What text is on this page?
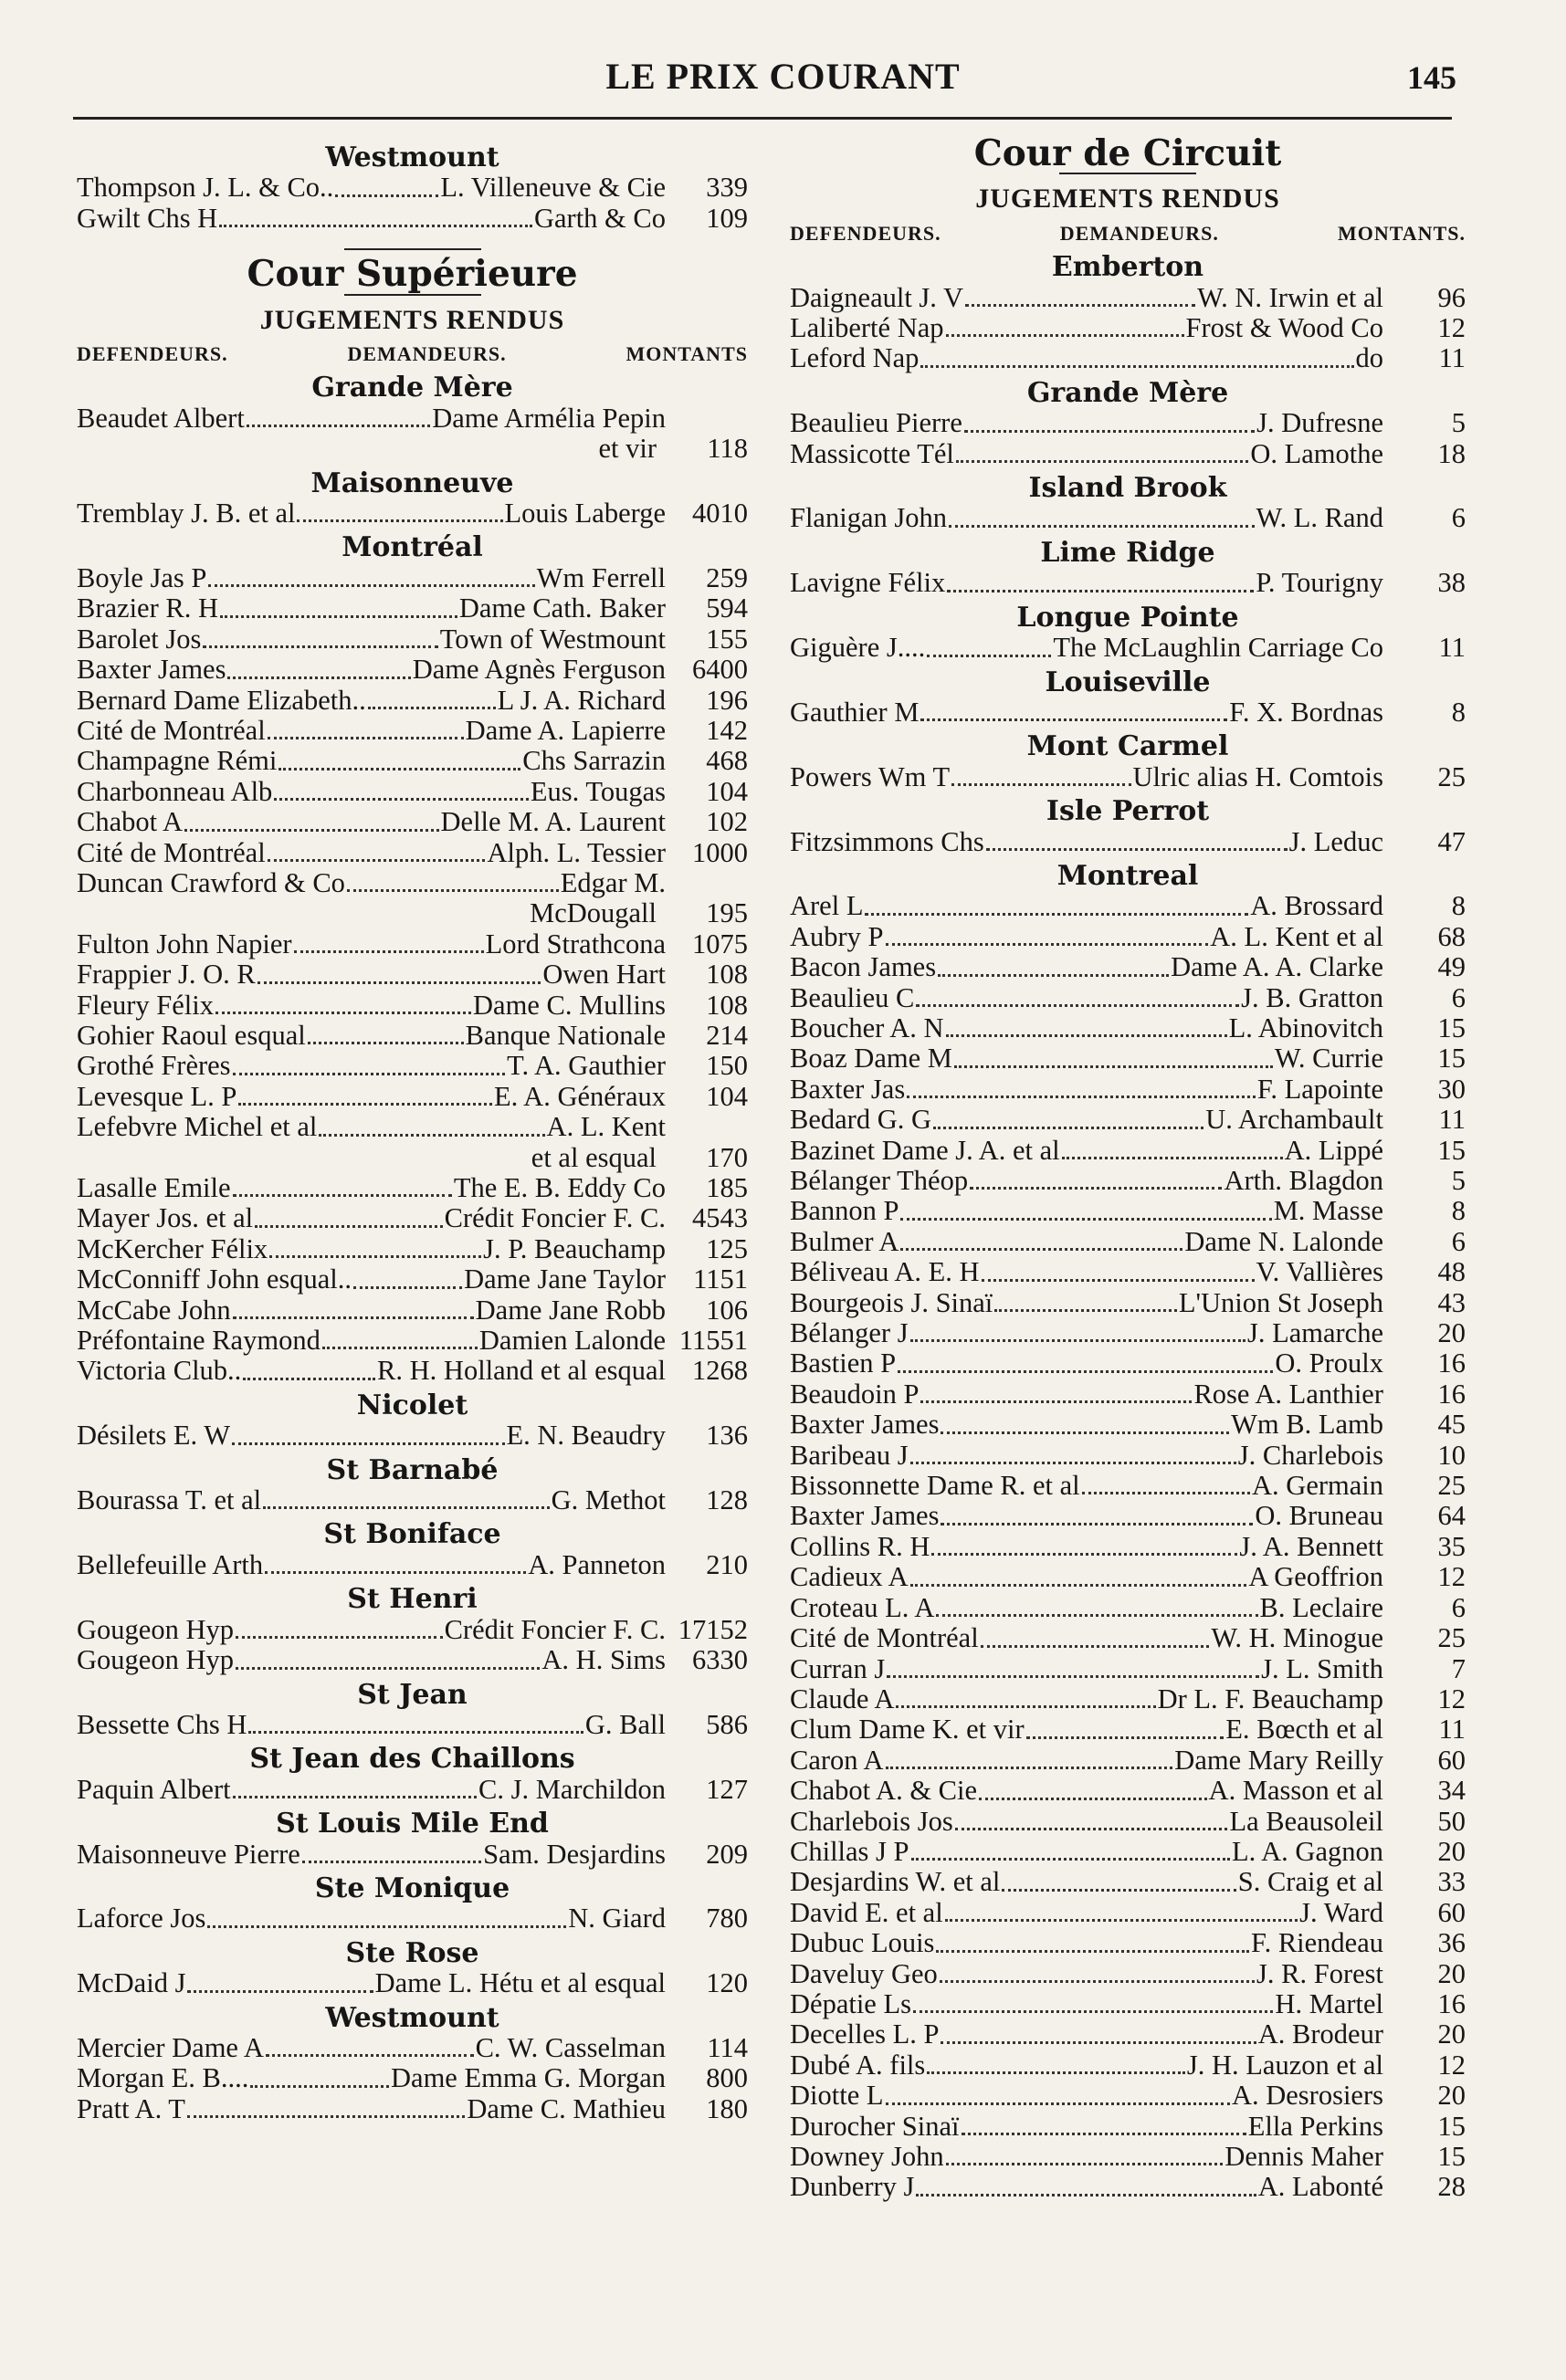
LE PRIX COURANT	145
Westmount
Thompson J. L. & Co..	L. Villeneuve & Cie	339
Gwilt Chs H	Garth & Co	109
Cour Supérieure
JUGEMENTS RENDUS
DEFENDEURS.	DEMANDEURS.	MONTANTS
Grande Mère
Beaudet Albert	Dame Armélia Pepin
et vir	118
Maisonneuve
Tremblay J. B. et al	Louis Laberge 4010
Montréal
Boyle Jas P	Wm Ferrell	259
Brazier R. H	Dame Cath. Baker	594
Barolet Jos	Town of Westmount	155
Baxter James	Dame Agnès Ferguson 6400
Bernard Dame Elizabeth..	L J. A. Richard	196
Cité de Montréal	Dame A. Lapierre	142
Champagne Rémi	Chs Sarrazin	468
Charbonneau Alb	Eus. Tougas	104
Chabot A	Delle M. A. Laurent	102
Cité de Montréal	Alph. L. Tessier 1000
Duncan Crawford & Co	Edgar M.
McDougall	195
Fulton John Napier	Lord Strathcona 1075
Frappier J. O. R	Owen Hart	108
Fleury Félix	Dame C. Mullins	108
Gohier Raoul esqual	Banque Nationale	214
Grothé Frères	T. A. Gauthier	150
Levesque L. P	E. A. Généraux	104
Lefebvre Michel et al	A. L. Kent
et al esqual	170
Lasalle Emile	The E. B. Eddy Co	185
Mayer Jos. et al	Crédit Foncier F. C. 4543
McKercher Félix	J. P. Beauchamp	125
McConniff John esqual..	Dame Jane Taylor 1151
McCabe John	Dame Jane Robb	106
Préfontaine Raymond	Damien Lalonde 11551
Victoria Club..	R. H. Holland et al esqual 1268
Nicolet
Désilets E. W	E. N. Beaudry	136
St Barnabé
Bourassa T. et al	G. Methot	128
St Boniface
Bellefeuille Arth	A. Panneton	210
St Henri
Gougeon Hyp	Crédit Foncier F. C. 17152
Gougeon Hyp	A. H. Sims 6330
St Jean
Bessette Chs H	G. Ball	586
St Jean des Chaillons
Paquin Albert	C. J. Marchildon	127
St Louis Mile End
Maisonneuve Pierre	Sam. Desjardins	209
Ste Monique
Laforce Jos	N. Giard	780
Ste Rose
McDaid J	Dame L. Hétu et al esqual	120
Westmount
Mercier Dame A	C. W. Casselman	114
Morgan E. B....	Dame Emma G. Morgan	800
Pratt A. T	Dame C. Mathieu	180
Cour de Circuit
JUGEMENTS RENDUS
DEFENDEURS.	DEMANDEURS.	MONTANTS.
Emberton
Daigneault J. V	W. N. Irwin et al	96
Laliberté Nap	Frost & Wood Co	12
Leford Nap	do	11
Grande Mère
Beaulieu Pierre	J. Dufresne	5
Massicotte Tél	O. Lamothe	18
Island Brook
Flanigan John	W. L. Rand	6
Lime Ridge
Lavigne Félix	P. Tourigny	38
Longue Pointe
Giguère J....	The McLaughlin Carriage Co	11
Louiseville
Gauthier M	F. X. Bordnas	8
Mont Carmel
Powers Wm T	Ulric alias H. Comtois	25
Isle Perrot
Fitzsimmons Chs	J. Leduc	47
Montreal
Arel L	A. Brossard	8
Aubry P	A. L. Kent et al	68
Bacon James	Dame A. A. Clarke	49
Beaulieu C	J. B. Gratton	6
Boucher A. N	L. Abinovitch	15
Boaz Dame M	W. Currie	15
Baxter Jas	F. Lapointe	30
Bedard G. G	U. Archambault	11
Bazinet Dame J. A. et al	A. Lippé	15
Bélanger Théop	Arth. Blagdon	5
Bannon P	M. Masse	8
Bulmer A	Dame N. Lalonde	6
Béliveau A. E. H	V. Vallières	48
Bourgeois J. Sinaï	L'Union St Joseph	43
Bélanger J	J. Lamarche	20
Bastien P	O. Proulx	16
Beaudoin P	Rose A. Lanthier	16
Baxter James	Wm B. Lamb	45
Baribeau J	J. Charlebois	10
Bissonnette Dame R. et al	A. Germain	25
Baxter James	O. Bruneau	64
Collins R. H	J. A. Bennett	35
Cadieux A	A Geoffrion	12
Croteau L. A	B. Leclaire	6
Cité de Montréal	W. H. Minogue	25
Curran J	J. L. Smith	7
Claude A	Dr L. F. Beauchamp	12
Clum Dame K. et vir	E. Bœcth et al	11
Caron A	Dame Mary Reilly	60
Chabot A. & Cie	A. Masson et al	34
Charlebois Jos	La Beausoleil	50
Chillas J P	L. A. Gagnon	20
Desjardins W. et al	S. Craig et al	33
David E. et al	J. Ward	60
Dubuc Louis	F. Riendeau	36
Daveluy Geo	J. R. Forest	20
Dépatie Ls	H. Martel	16
Decelles L. P	A. Brodeur	20
Dubé A. fils	J. H. Lauzon et al	12
Diotte L	A. Desrosiers	20
Durocher Sinaï	Ella Perkins	15
Downey John	Dennis Maher	15
Dunberry J	A. Labonté	28
